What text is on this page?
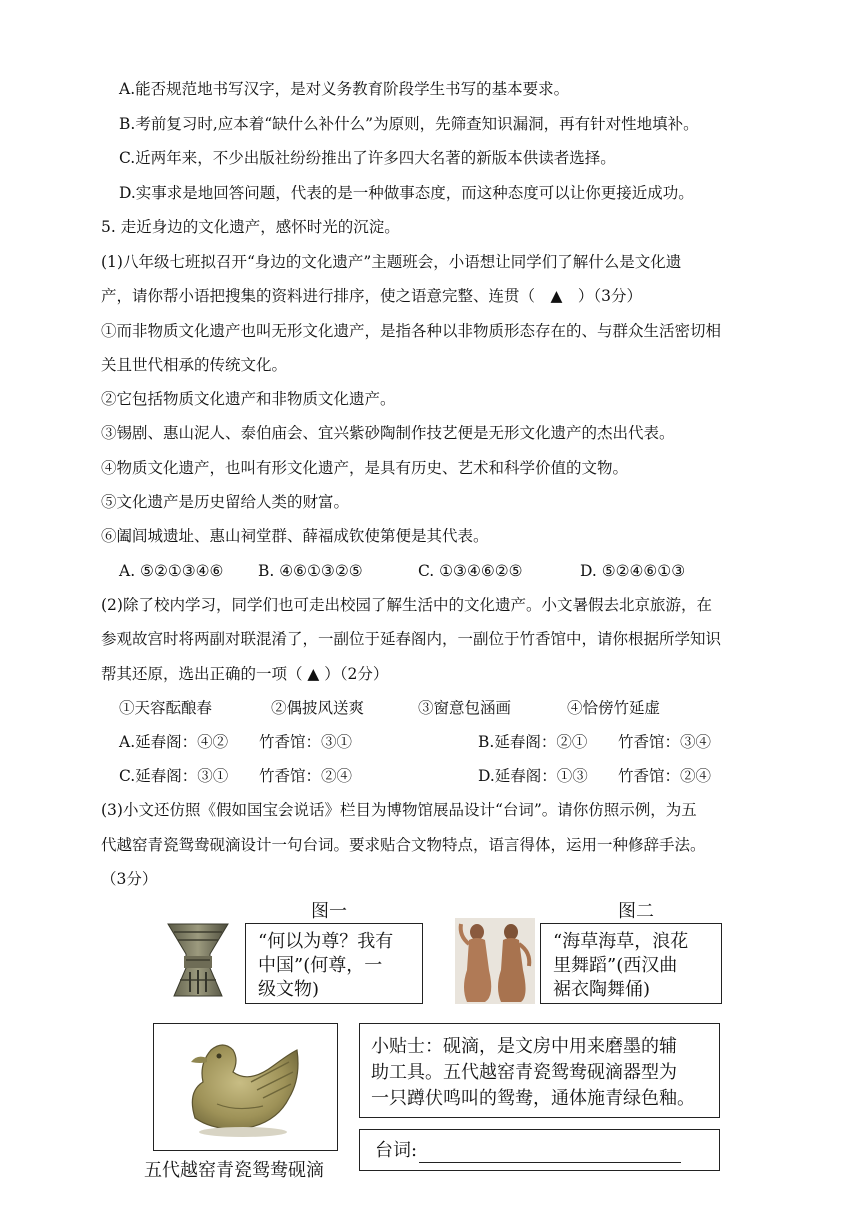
A.能否规范地书写汉字，是对义务教育阶段学生书写的基本要求。
B.考前复习时,应本着“缺什么补什么”为原则，先筛查知识漏洞，再有针对性地填补。
C.近两年来，不少出版社纷纷推出了许多四大名著的新版本供读者选择。
D.实事求是地回答问题，代表的是一种做事态度，而这种态度可以让你更接近成功。
5. 走近身边的文化遗产，感怀时光的沉淀。
(1)八年级七班拟召开“身边的文化遗产”主题班会，小语想让同学们了解什么是文化遗
产，请你帮小语把搜集的资料进行排序，使之语意完整、连贯（　▲　）（3分）
①而非物质文化遗产也叫无形文化遗产，是指各种以非物质形态存在的、与群众生活密切相
关且世代相承的传统文化。
②它包括物质文化遗产和非物质文化遗产。
③锡剧、惠山泥人、泰伯庙会、宜兴紫砂陶制作技艺便是无形文化遗产的杰出代表。
④物质文化遗产，也叫有形文化遗产，是具有历史、艺术和科学价值的文物。
⑤文化遗产是历史留给人类的财富。
⑥阖闾城遗址、惠山祠堂群、薛福成钦使第便是其代表。
A. ⑤②①③④⑥ B. ④⑥①③②⑤	C. ①③④⑥②⑤	D. ⑤②④⑥①③
(2)除了校内学习，同学们也可走出校园了解生活中的文化遗产。小文暑假去北京旅游，在
参观故宫时将两副对联混淆了，一副位于延春阁内，一副位于竹香馆中，请你根据所学知识
帮其还原，选出正确的一项（ ▲ ）（2分）
①天容酝酿春	②偶披风送爽	③窗意包涵画	④恰傍竹延虚
A.延春阁：④② 竹香馆：③①	B.延春阁：②① 竹香馆：③④
C.延春阁：③① 竹香馆：②④	D.延春阁：①③ 竹香馆：②④
(3)小文还仿照《假如国宝会说话》栏目为博物馆展品设计“台词”。请你仿照示例，为五
代越窑青瓷鸳鸯砚滴设计一句台词。要求贴合文物特点，语言得体，运用一种修辞手法。
（3分）
图一
“何以为尊？我有
中国”(何尊，一
级文物)
图二
“海草海草，浪花
里舞蹈”(西汉曲
裾衣陶舞俑)
小贴士：砚滴，是文房中用来磨墨的辅
助工具。五代越窑青瓷鸳鸯砚滴器型为
一只蹲伏鸣叫的鸳鸯，通体施青绿色釉。
台词:
五代越窑青瓷鸳鸯砚滴
